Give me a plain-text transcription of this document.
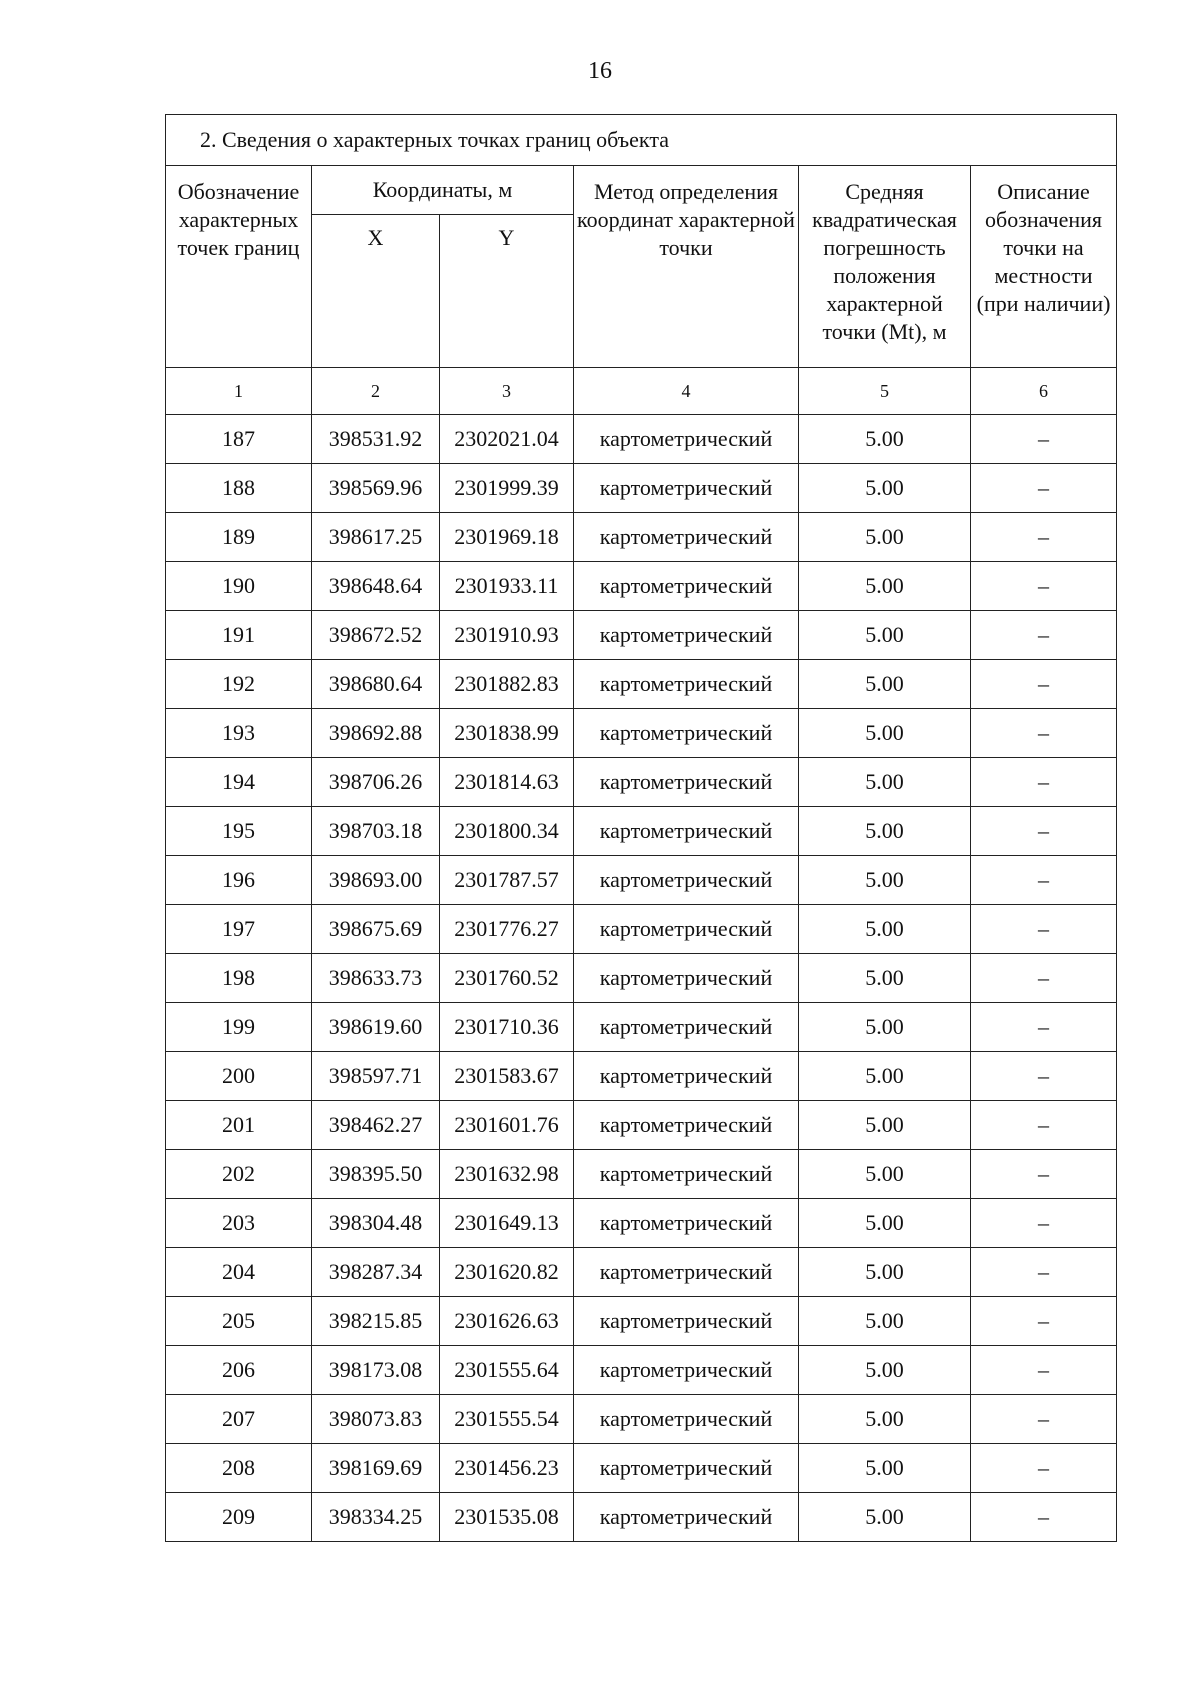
16
2. Сведения о характерных точках границ объекта					
Обозначение характерных точек границ	Координаты, м		Метод определения координат характерной точки	Средняя квадратическая погрешность положения характерной точки (Mt), м	Описание обозначения точки на местности (при наличии)
	X	Y			
1	2	3	4	5	6
187	398531.92	2302021.04	картометрический	5.00	–
188	398569.96	2301999.39	картометрический	5.00	–
189	398617.25	2301969.18	картометрический	5.00	–
190	398648.64	2301933.11	картометрический	5.00	–
191	398672.52	2301910.93	картометрический	5.00	–
192	398680.64	2301882.83	картометрический	5.00	–
193	398692.88	2301838.99	картометрический	5.00	–
194	398706.26	2301814.63	картометрический	5.00	–
195	398703.18	2301800.34	картометрический	5.00	–
196	398693.00	2301787.57	картометрический	5.00	–
197	398675.69	2301776.27	картометрический	5.00	–
198	398633.73	2301760.52	картометрический	5.00	–
199	398619.60	2301710.36	картометрический	5.00	–
200	398597.71	2301583.67	картометрический	5.00	–
201	398462.27	2301601.76	картометрический	5.00	–
202	398395.50	2301632.98	картометрический	5.00	–
203	398304.48	2301649.13	картометрический	5.00	–
204	398287.34	2301620.82	картометрический	5.00	–
205	398215.85	2301626.63	картометрический	5.00	–
206	398173.08	2301555.64	картометрический	5.00	–
207	398073.83	2301555.54	картометрический	5.00	–
208	398169.69	2301456.23	картометрический	5.00	–
209	398334.25	2301535.08	картометрический	5.00	–
